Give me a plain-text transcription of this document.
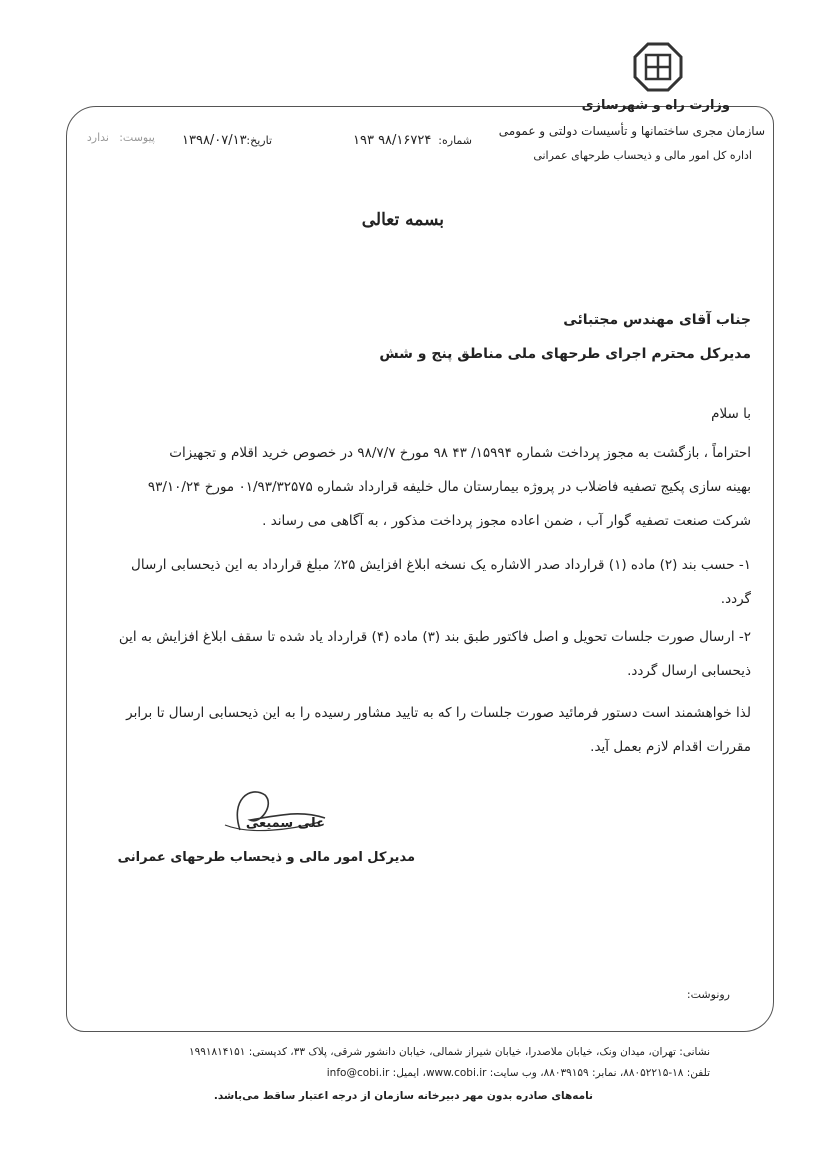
وزارت راه و شهرسازی
سازمان مجری ساختمانها و تأسیسات دولتی و عمومی
اداره کل امور مالی و ذیحساب طرحهای عمرانی
شماره:
۱۹۳ ۹۸/۱۶۷۲۴
تاریخ:
۱۳۹۸/۰۷/۱۳
پیوست:
ندارد
بسمه تعالی
جناب آقای مهندس مجتبائی
مدیرکل محترم اجرای طرحهای ملی مناطق پنج و شش
با سلام
احتراماً ، بازگشت به مجوز پرداخت شماره ۱۵۹۹۴/ ۴۳ ۹۸ مورخ ۹۸/۷/۷ در خصوص خرید اقلام و تجهیزات
بهینه سازی پکیج تصفیه فاضلاب در پروژه بیمارستان مال خلیفه قرارداد شماره ۰۱/۹۳/۳۲۵۷۵ مورخ ۹۳/۱۰/۲۴
شرکت صنعت تصفیه گوار آب ، ضمن اعاده مجوز پرداخت مذکور ، به آگاهی می رساند .
۱- حسب بند (۲) ماده (۱) قرارداد صدر الاشاره یک نسخه ابلاغ افزایش ۲۵٪ مبلغ قرارداد به این ذیحسابی ارسال
گردد.
۲- ارسال صورت جلسات تحویل و اصل فاکتور طبق بند (۳) ماده (۴) قرارداد یاد شده تا سقف ابلاغ افزایش به این
ذیحسابی ارسال گردد.
لذا خواهشمند است دستور فرمائید صورت جلسات را که به تایید مشاور رسیده را به این ذیحسابی ارسال تا برابر
مقررات اقدام لازم بعمل آید.
علی سمیعی
مدیرکل امور مالی و ذیحساب طرحهای عمرانی
رونوشت:
نشانی: تهران، میدان ونک، خیابان ملاصدرا، خیابان شیراز شمالی، خیابان دانشور شرقی، پلاک ۳۳، کدپستی: ۱۹۹۱۸۱۴۱۵۱
تلفن: ۱۸-۸۸۰۵۲۲۱۵، نمابر: ۸۸۰۳۹۱۵۹، وب سایت: www.cobi.ir، ایمیل: info@cobi.ir
نامه‌های صادره بدون مهر دبیرخانه سازمان از درجه اعتبار ساقط می‌باشد.
